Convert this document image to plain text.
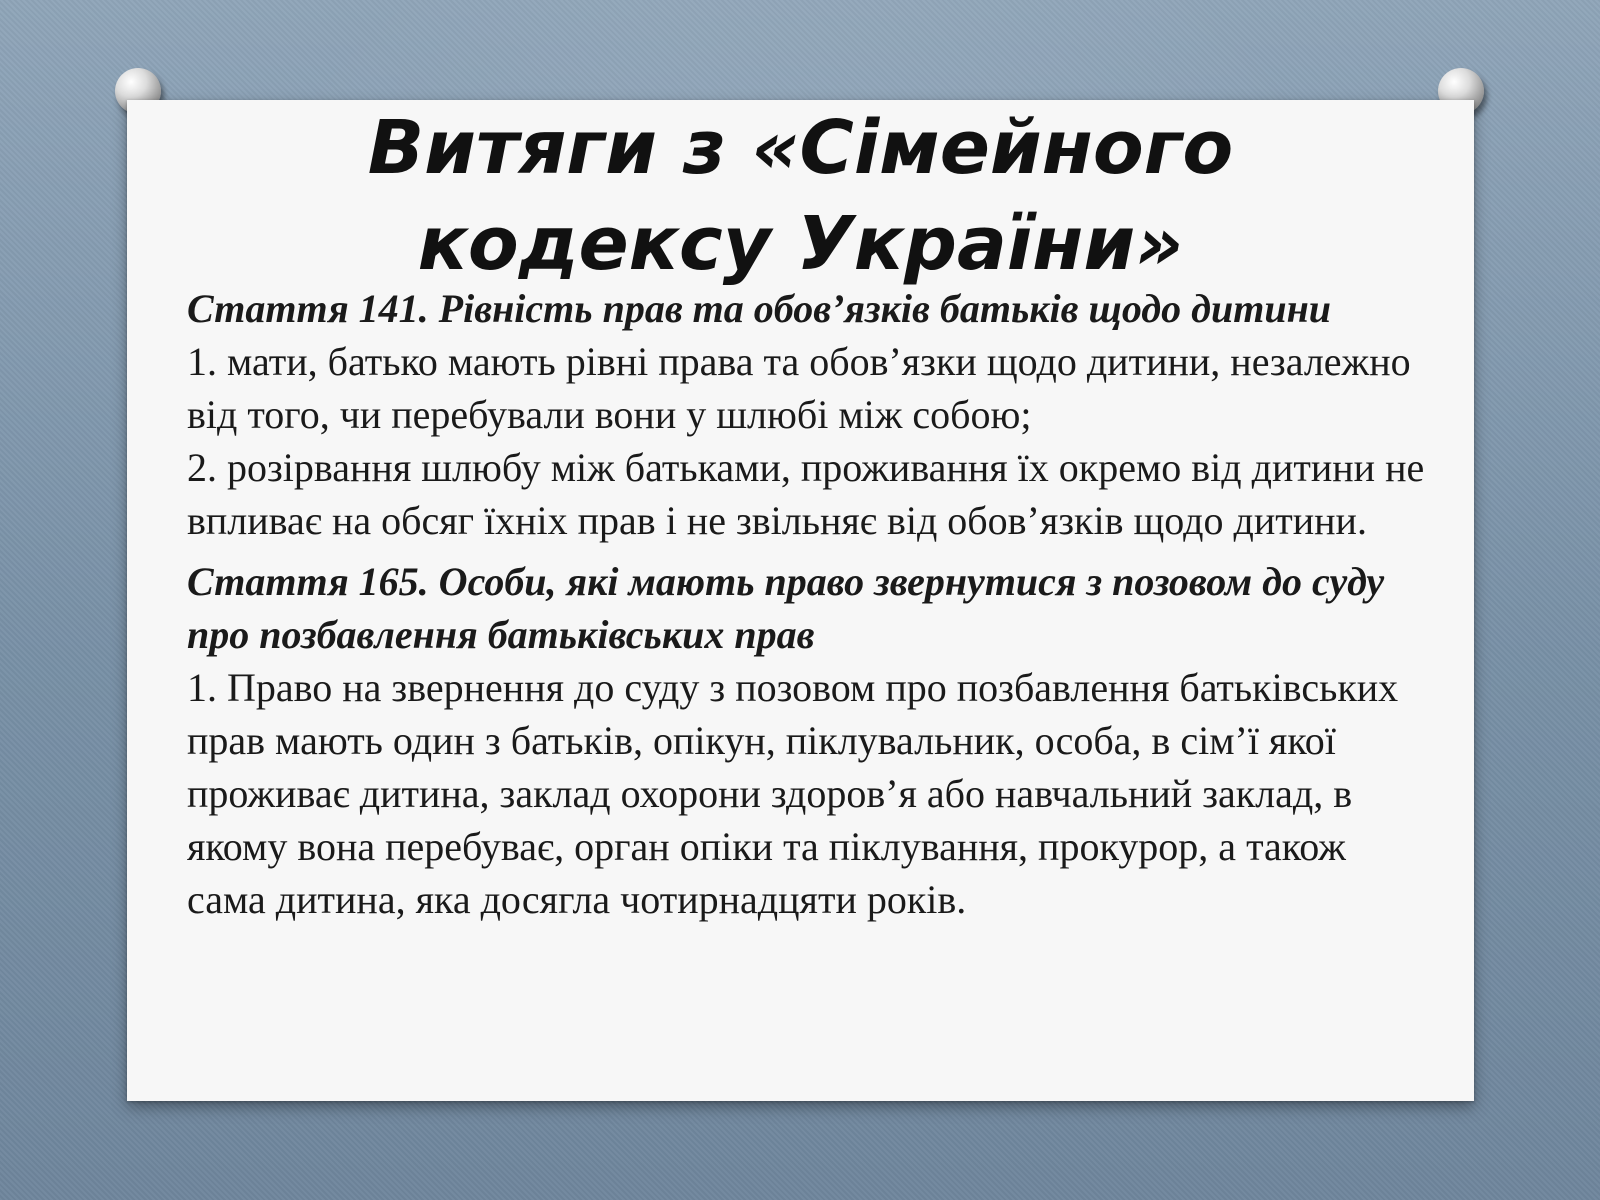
Витяги з «Сімейного
кодексу України»

Стаття 141. Рівність прав та обов’язків батьків щодо дитини

1. мати, батько мають рівні права та обов’язки щодо дитини, незалежно від того, чи перебували вони у шлюбі між собою;

2. розірвання шлюбу між батьками, проживання їх окремо від дитини не впливає на обсяг їхніх прав і не звільняє від обов’язків щодо дитини.

Стаття 165. Особи, які мають право звернутися з позовом до суду про позбавлення батьківських прав

1. Право на звернення до суду з позовом про позбавлення батьківських прав мають один з батьків, опікун, піклувальник, особа, в сім’ї якої проживає дитина, заклад охорони здоров’я або навчальний заклад, в якому вона перебуває, орган опіки та піклування, прокурор, а також сама дитина, яка досягла чотирнадцяти років.
